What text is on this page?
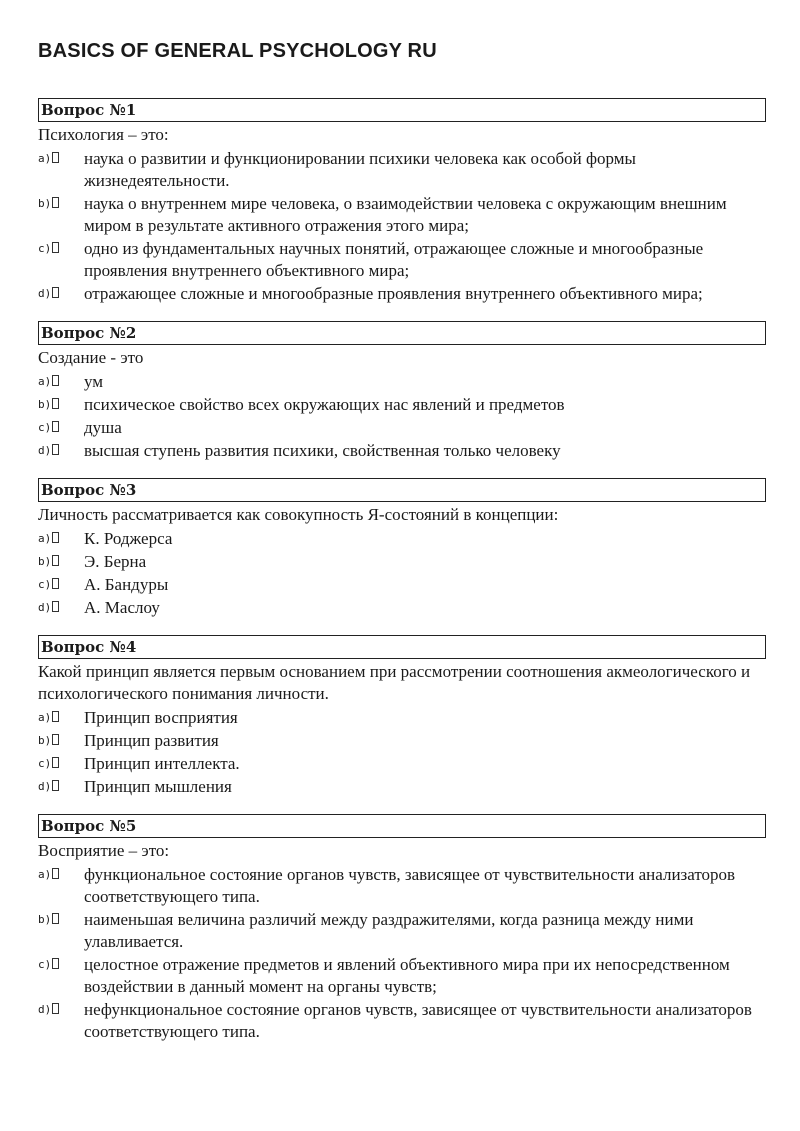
BASICS OF GENERAL PSYCHOLOGY RU
Вопрос №1
Психология – это:
a)	наука о развитии и функционировании психики человека как особой формы жизнедеятельности.
b)	наука о внутреннем мире человека, о взаимодействии человека с окружающим внешним миром в результате активного отражения этого мира;
c)	одно из фундаментальных научных понятий, отражающее сложные и многообразные проявления внутреннего объективного мира;
d)	отражающее сложные и многообразные проявления внутреннего объективного мира;
Вопрос №2
Создание - это
a)	ум
b)	психическое свойство всех окружающих нас явлений и предметов
c)	душа
d)	высшая ступень развития психики, свойственная только человеку
Вопрос №3
Личность рассматривается как совокупность Я-состояний в концепции:
a)	К. Роджерса
b)	Э. Берна
c)	А. Бандуры
d)	А. Маслоу
Вопрос №4
Какой принцип является первым основанием при рассмотрении соотношения акмеологического и психологического понимания личности.
a)	Принцип восприятия
b)	Принцип развития
c)	Принцип интеллекта.
d)	Принцип мышления
Вопрос №5
Восприятие – это:
a)	функциональное состояние органов чувств, зависящее от чувствительности анализаторов соответствующего типа.
b)	наименьшая величина различий между раздражителями, когда разница между ними улавливается.
c)	целостное отражение предметов и явлений объективного мира при их непосредственном воздействии в данный момент на органы чувств;
d)	нефункциональное состояние органов чувств, зависящее от чувствительности анализаторов соответствующего типа.
